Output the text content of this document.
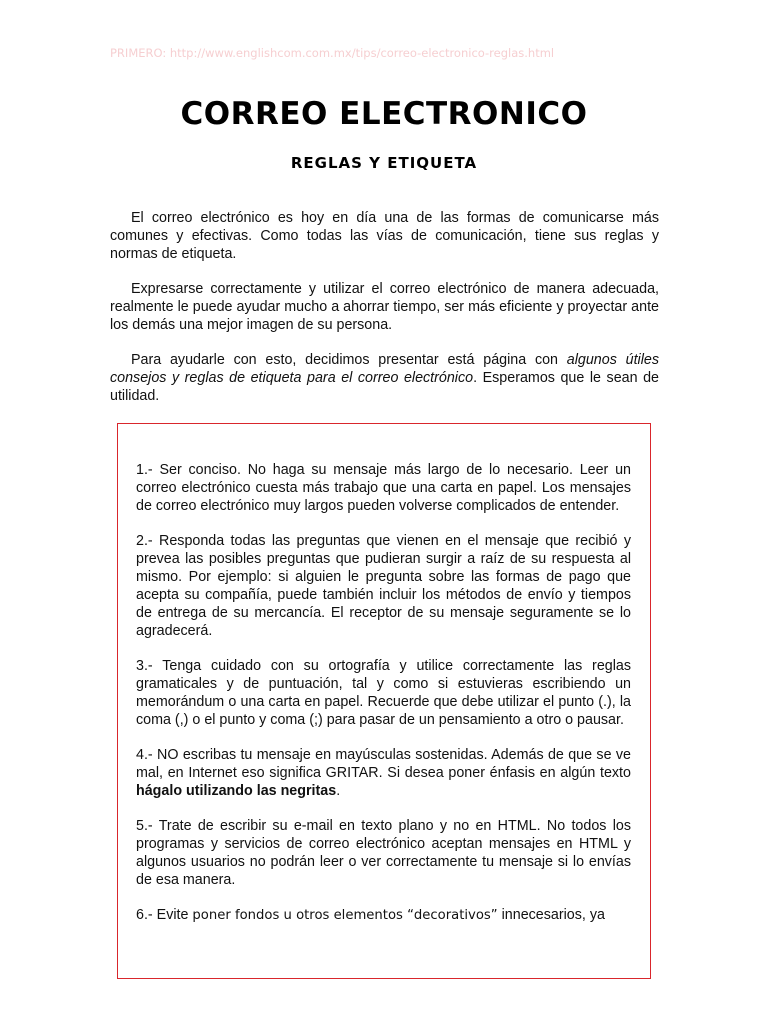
PRIMERO: http://www.englishcom.com.mx/tips/correo-electronico-reglas.html
CORREO ELECTRONICO
REGLAS Y ETIQUETA

El correo electrónico es hoy en día una de las formas de comunicarse más comunes y efectivas. Como todas las vías de comunicación, tiene sus reglas y normas de etiqueta.

Expresarse correctamente y utilizar el correo electrónico de manera adecuada, realmente le puede ayudar mucho a ahorrar tiempo, ser más eficiente y proyectar ante los demás una mejor imagen de su persona.

Para ayudarle con esto, decidimos presentar está página con algunos útiles consejos y reglas de etiqueta para el correo electrónico. Esperamos que le sean de utilidad.

1.- Ser conciso. No haga su mensaje más largo de lo necesario. Leer un correo electrónico cuesta más trabajo que una carta en papel. Los mensajes de correo electrónico muy largos pueden volverse complicados de entender.

2.- Responda todas las preguntas que vienen en el mensaje que recibió y prevea las posibles preguntas que pudieran surgir a raíz de su respuesta al mismo. Por ejemplo: si alguien le pregunta sobre las formas de pago que acepta su compañía, puede también incluir los métodos de envío y tiempos de entrega de su mercancía. El receptor de su mensaje seguramente se lo agradecerá.

3.- Tenga cuidado con su ortografía y utilice correctamente las reglas gramaticales y de puntuación, tal y como si estuvieras escribiendo un memorándum o una carta en papel. Recuerde que debe utilizar el punto (.), la coma (,) o el punto y coma (;) para pasar de un pensamiento a otro o pausar.

4.- NO escribas tu mensaje en mayúsculas sostenidas. Además de que se ve mal, en Internet eso significa GRITAR. Si desea poner énfasis en algún texto hágalo utilizando las negritas.

5.- Trate de escribir su e-mail en texto plano y no en HTML. No todos los programas y servicios de correo electrónico aceptan mensajes en HTML y algunos usuarios no podrán leer o ver correctamente tu mensaje si lo envías de esa manera.

6.- Evite poner fondos u otros elementos “decorativos” innecesarios, ya
